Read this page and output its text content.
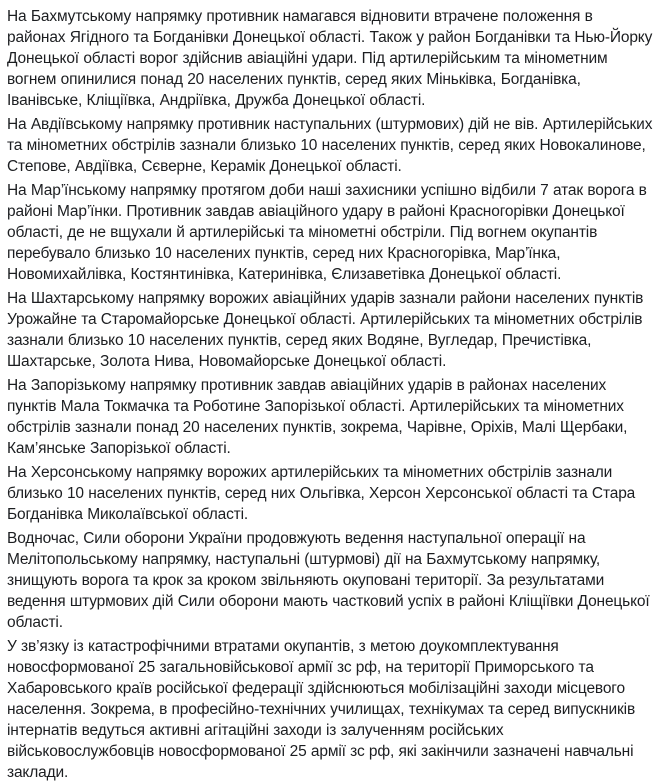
На Бахмутському напрямку противник намагався відновити втрачене положення в районах Ягідного та Богданівки Донецької області. Також у район Богданівки та Нью-Йорку Донецької області ворог здійснив авіаційні удари. Під артилерійським та мінометним вогнем опинилися понад 20 населених пунктів, серед яких Міньківка, Богданівка, Іванівське, Кліщіївка, Андріївка, Дружба Донецької області.

На Авдіївському напрямку противник наступальних (штурмових) дій не вів. Артилерійських та мінометних обстрілів зазнали близько 10 населених пунктів, серед яких Новокалинове, Степове, Авдіївка, Сєверне, Керамік Донецької області.

На Мар’їнському напрямку протягом доби наші захисники успішно відбили 7 атак ворога в районі Мар’їнки. Противник завдав авіаційного удару в районі Красногорівки Донецької області, де не вщухали й артилерійські та мінометні обстріли. Під вогнем окупантів перебувало близько 10 населених пунктів, серед них Красногорівка, Мар’їнка, Новомихайлівка, Костянтинівка, Катеринівка, Єлизаветівка Донецької області.

На Шахтарському напрямку ворожих авіаційних ударів зазнали райони населених пунктів Урожайне та Старомайорське Донецької області. Артилерійських та мінометних обстрілів зазнали близько 10 населених пунктів, серед яких Водяне, Вугледар, Пречистівка, Шахтарське, Золота Нива, Новомайорське Донецької області.

На Запорізькому напрямку противник завдав авіаційних ударів в районах населених пунктів Мала Токмачка та Роботине Запорізької області. Артилерійських та мінометних обстрілів зазнали понад 20 населених пунктів, зокрема, Чарівне, Оріхів, Малі Щербаки, Кам’янське Запорізької області.

На Херсонському напрямку ворожих артилерійських та мінометних обстрілів зазнали близько 10 населених пунктів, серед них Ольгівка, Херсон Херсонської області та Стара Богданівка Миколаївської області.

Водночас, Сили оборони України продовжують ведення наступальної операції на Мелітопольському напрямку, наступальні (штурмові) дії на Бахмутському напрямку, знищують ворога та крок за кроком звільняють окуповані території. За результатами ведення штурмових дій Сили оборони мають частковий успіх в районі Кліщіївки Донецької області.

У зв’язку із катастрофічними втратами окупантів, з метою доукомплектування новосформованої 25 загальновійськової армії зс рф, на території Приморського та Хабаровського країв російської федерації здійснюються мобілізаційні заходи місцевого населення. Зокрема, в професійно-технічних училищах, технікумах та серед випускників інтернатів ведуться активні агітаційні заходи із залученням російських військовослужбовців новосформованої 25 армії зс рф, які закінчили зазначені навчальні заклади.
